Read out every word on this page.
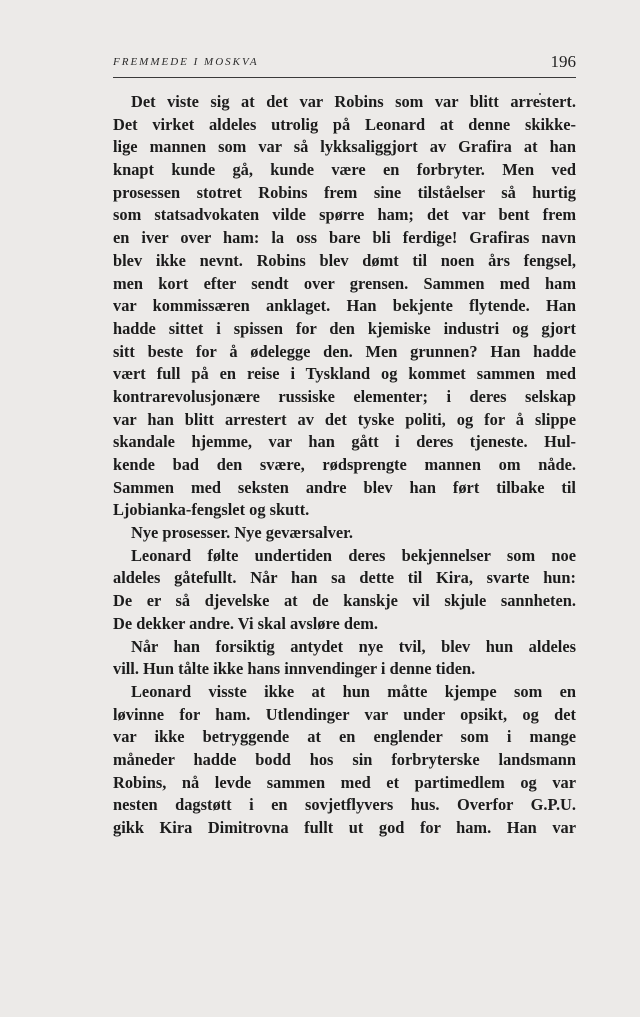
FREMMEDE I MOSKVA	196
Det viste sig at det var Robins som var blitt arrestert.
Det virket aldeles utrolig på Leonard at denne skikke-
lige mannen som var så lykksaliggjort av Grafira at han
knapt kunde gå, kunde være en forbryter. Men ved
prosessen stotret Robins frem sine tilståelser så hurtig
som statsadvokaten vilde spørre ham; det var bent frem
en iver over ham: la oss bare bli ferdige! Grafiras navn
blev ikke nevnt. Robins blev dømt til noen års fengsel,
men kort efter sendt over grensen. Sammen med ham
var kommissæren anklaget. Han bekjente flytende. Han
hadde sittet i spissen for den kjemiske industri og gjort
sitt beste for å ødelegge den. Men grunnen? Han hadde
vært full på en reise i Tyskland og kommet sammen med
kontrarevolusjonære russiske elementer; i deres selskap
var han blitt arrestert av det tyske politi, og for å slippe
skandale hjemme, var han gått i deres tjeneste. Hul-
kende bad den svære, rødsprengte mannen om nåde.
Sammen med seksten andre blev han ført tilbake til
Ljobianka-fengslet og skutt.
Nye prosesser. Nye geværsalver.
Leonard følte undertiden deres bekjennelser som noe
aldeles gåtefullt. Når han sa dette til Kira, svarte hun:
De er så djevelske at de kanskje vil skjule sannheten.
De dekker andre. Vi skal avsløre dem.
Når han forsiktig antydet nye tvil, blev hun aldeles
vill. Hun tålte ikke hans innvendinger i denne tiden.
Leonard visste ikke at hun måtte kjempe som en
løvinne for ham. Utlendinger var under opsikt, og det
var ikke betryggende at en englender som i mange
måneder hadde bodd hos sin forbryterske landsmann
Robins, nå levde sammen med et partimedlem og var
nesten dagstøtt i en sovjetflyvers hus. Overfor G.P.U.
gikk Kira Dimitrovna fullt ut god for ham. Han var
